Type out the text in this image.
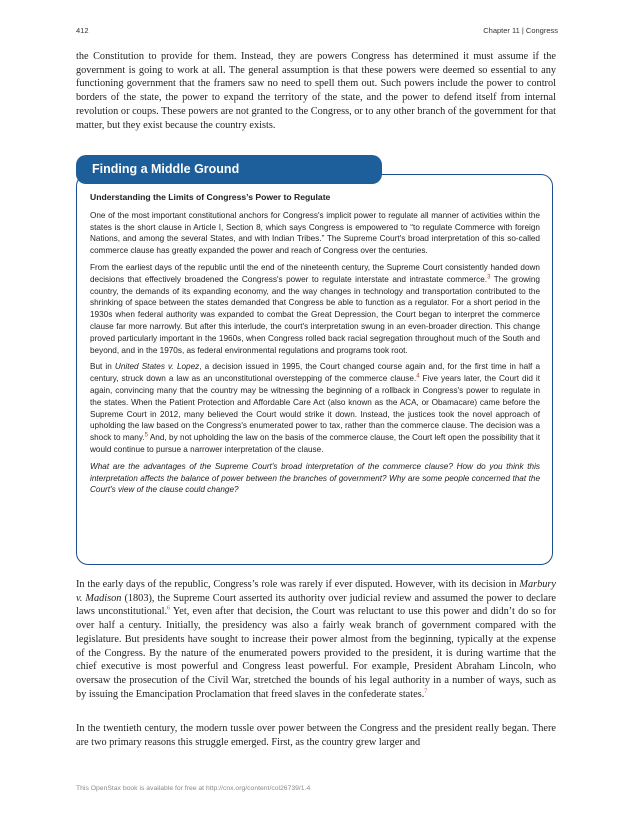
412	Chapter 11 | Congress

the Constitution to provide for them. Instead, they are powers Congress has determined it must assume if the government is going to work at all. The general assumption is that these powers were deemed so essential to any functioning government that the framers saw no need to spell them out. Such powers include the power to control borders of the state, the power to expand the territory of the state, and the power to defend itself from internal revolution or coups. These powers are not granted to the Congress, or to any other branch of the government for that matter, but they exist because the country exists.

Finding a Middle Ground

Understanding the Limits of Congress’s Power to Regulate

One of the most important constitutional anchors for Congress's implicit power to regulate all manner of activities within the states is the short clause in Article I, Section 8, which says Congress is empowered to “to regulate Commerce with foreign Nations, and among the several States, and with Indian Tribes.” The Supreme Court's broad interpretation of this so-called commerce clause has greatly expanded the power and reach of Congress over the centuries.

From the earliest days of the republic until the end of the nineteenth century, the Supreme Court consistently handed down decisions that effectively broadened the Congress's power to regulate interstate and intrastate commerce.$^3$ The growing country, the demands of its expanding economy, and the way changes in technology and transportation contributed to the shrinking of space between the states demanded that Congress be able to function as a regulator. For a short period in the 1930s when federal authority was expanded to combat the Great Depression, the Court began to interpret the commerce clause far more narrowly. But after this interlude, the court's interpretation swung in an even-broader direction. This change proved particularly important in the 1960s, when Congress rolled back racial segregation throughout much of the South and beyond, and in the 1970s, as federal environmental regulations and programs took root.

But in United States v. Lopez, a decision issued in 1995, the Court changed course again and, for the first time in half a century, struck down a law as an unconstitutional overstepping of the commerce clause.$^4$ Five years later, the Court did it again, convincing many that the country may be witnessing the beginning of a rollback in Congress's power to regulate in the states. When the Patient Protection and Affordable Care Act (also known as the ACA, or Obamacare) came before the Supreme Court in 2012, many believed the Court would strike it down. Instead, the justices took the novel approach of upholding the law based on the Congress's enumerated power to tax, rather than the commerce clause. The decision was a shock to many.$^5$ And, by not upholding the law on the basis of the commerce clause, the Court left open the possibility that it would continue to pursue a narrower interpretation of the clause.

What are the advantages of the Supreme Court's broad interpretation of the commerce clause? How do you think this interpretation affects the balance of power between the branches of government? Why are some people concerned that the Court's view of the clause could change?

In the early days of the republic, Congress’s role was rarely if ever disputed. However, with its decision in Marbury v. Madison (1803), the Supreme Court asserted its authority over judicial review and assumed the power to declare laws unconstitutional.$^6$ Yet, even after that decision, the Court was reluctant to use this power and didn’t do so for over half a century. Initially, the presidency was also a fairly weak branch of government compared with the legislature. But presidents have sought to increase their power almost from the beginning, typically at the expense of the Congress. By the nature of the enumerated powers provided to the president, it is during wartime that the chief executive is most powerful and Congress least powerful. For example, President Abraham Lincoln, who oversaw the prosecution of the Civil War, stretched the bounds of his legal authority in a number of ways, such as by issuing the Emancipation Proclamation that freed slaves in the confederate states.$^7$

In the twentieth century, the modern tussle over power between the Congress and the president really began. There are two primary reasons this struggle emerged. First, as the country grew larger and

This OpenStax book is available for free at http://cnx.org/content/col26739/1.4
